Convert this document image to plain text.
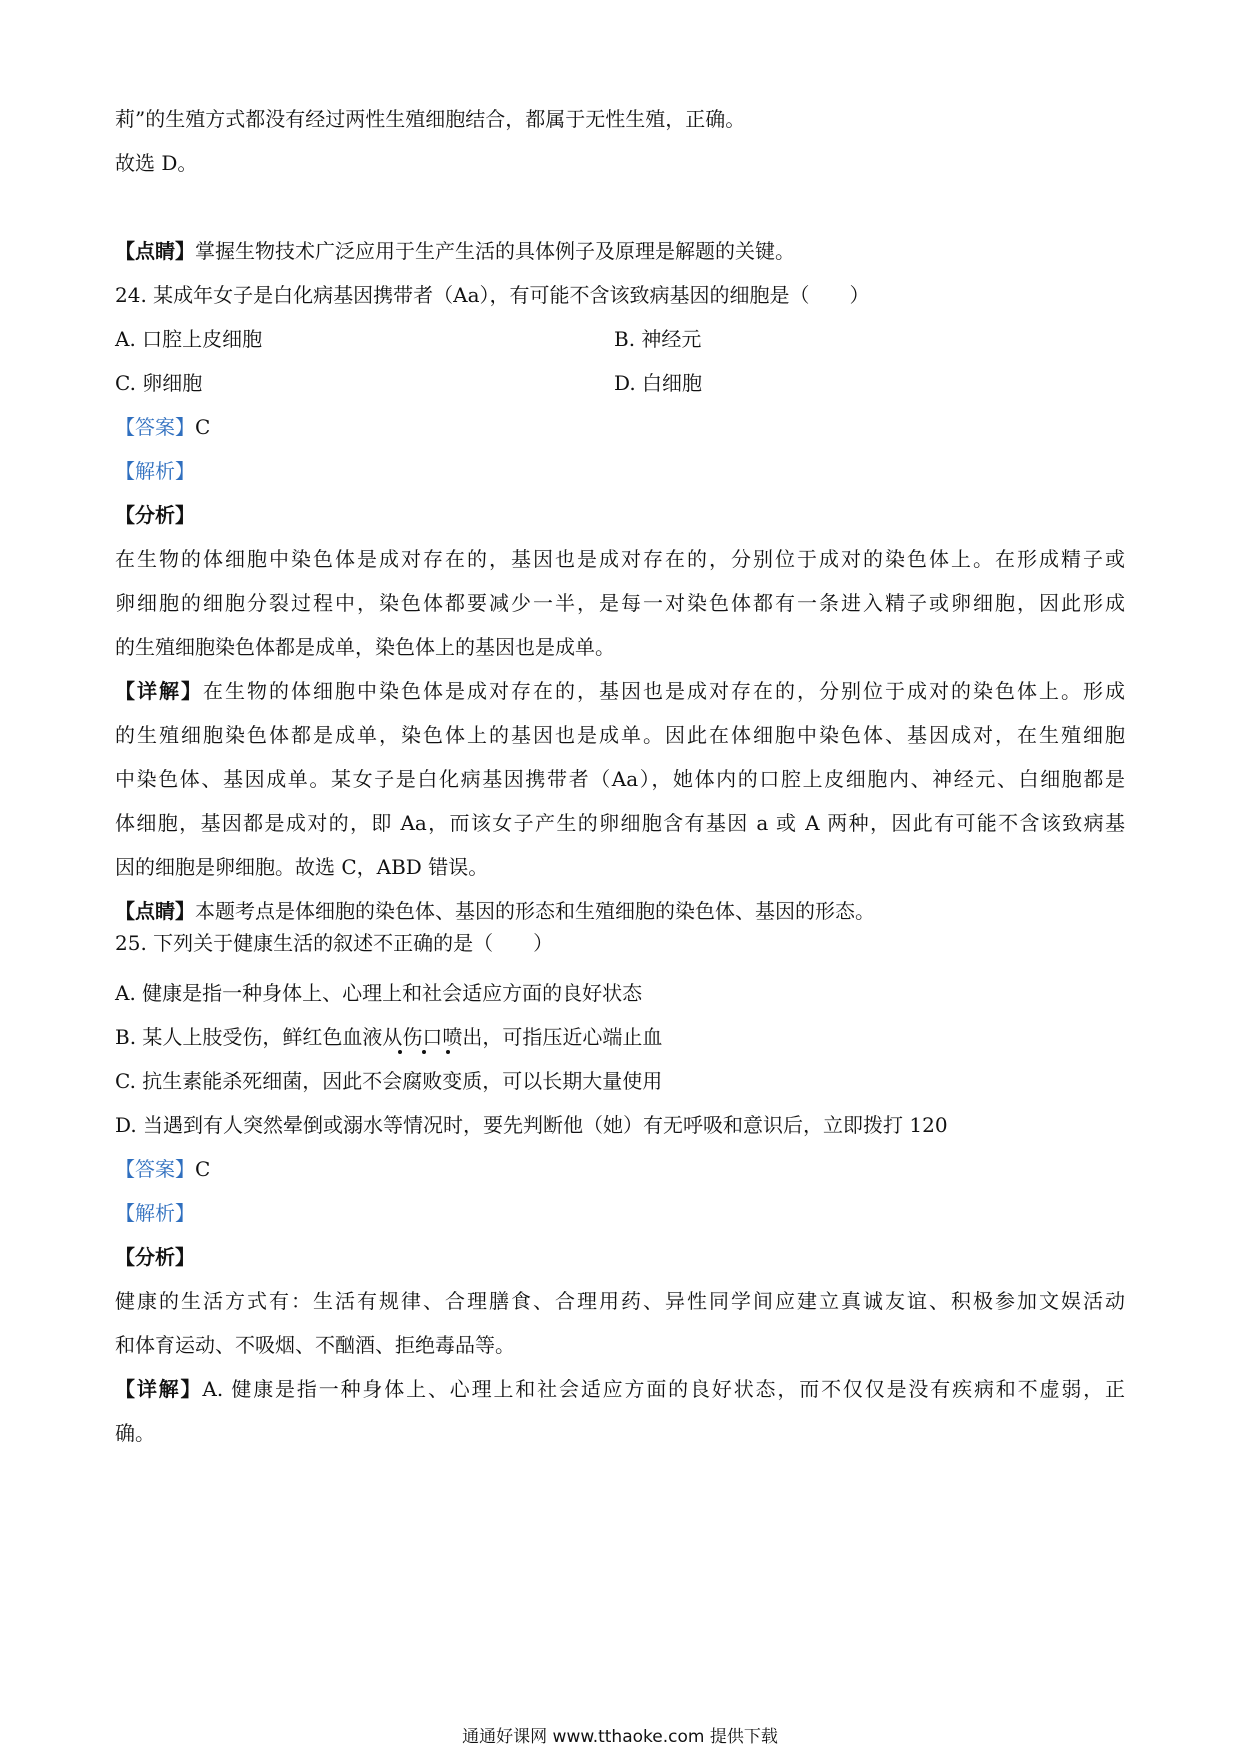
莉”的生殖方式都没有经过两性生殖细胞结合，都属于无性生殖，正确。
故选 D。
【点睛】掌握生物技术广泛应用于生产生活的具体例子及原理是解题的关键。
24. 某成年女子是白化病基因携带者（Aa），有可能不含该致病基因的细胞是（　　）
A. 口腔上皮细胞	B. 神经元
C. 卵细胞	D. 白细胞
【答案】C
【解析】
【分析】
在生物的体细胞中染色体是成对存在的，基因也是成对存在的，分别位于成对的染色体上。在形成精子或
卵细胞的细胞分裂过程中，染色体都要减少一半，是每一对染色体都有一条进入精子或卵细胞，因此形成
的生殖细胞染色体都是成单，染色体上的基因也是成单。
【详解】在生物的体细胞中染色体是成对存在的，基因也是成对存在的，分别位于成对的染色体上。形成
的生殖细胞染色体都是成单，染色体上的基因也是成单。因此在体细胞中染色体、基因成对，在生殖细胞
中染色体、基因成单。某女子是白化病基因携带者（Aa），她体内的口腔上皮细胞内、神经元、白细胞都是
体细胞，基因都是成对的，即 Aa，而该女子产生的卵细胞含有基因 a 或 A 两种，因此有可能不含该致病基
因的细胞是卵细胞。故选 C，ABD 错误。
【点睛】本题考点是体细胞的染色体、基因的形态和生殖细胞的染色体、基因的形态。
25. 下列关于健康生活的叙述不正确的是（　　）
A. 健康是指一种身体上、心理上和社会适应方面的良好状态
B. 某人上肢受伤，鲜红色血液从伤口喷出，可指压近心端止血
C. 抗生素能杀死细菌，因此不会腐败变质，可以长期大量使用
D. 当遇到有人突然晕倒或溺水等情况时，要先判断他（她）有无呼吸和意识后，立即拨打 120
【答案】C
【解析】
【分析】
健康的生活方式有：生活有规律、合理膳食、合理用药、异性同学间应建立真诚友谊、积极参加文娱活动
和体育运动、不吸烟、不酗酒、拒绝毒品等。
【详解】A. 健康是指一种身体上、心理上和社会适应方面的良好状态，而不仅仅是没有疾病和不虚弱，正
确。
通通好课网 www.tthaoke.com 提供下载
